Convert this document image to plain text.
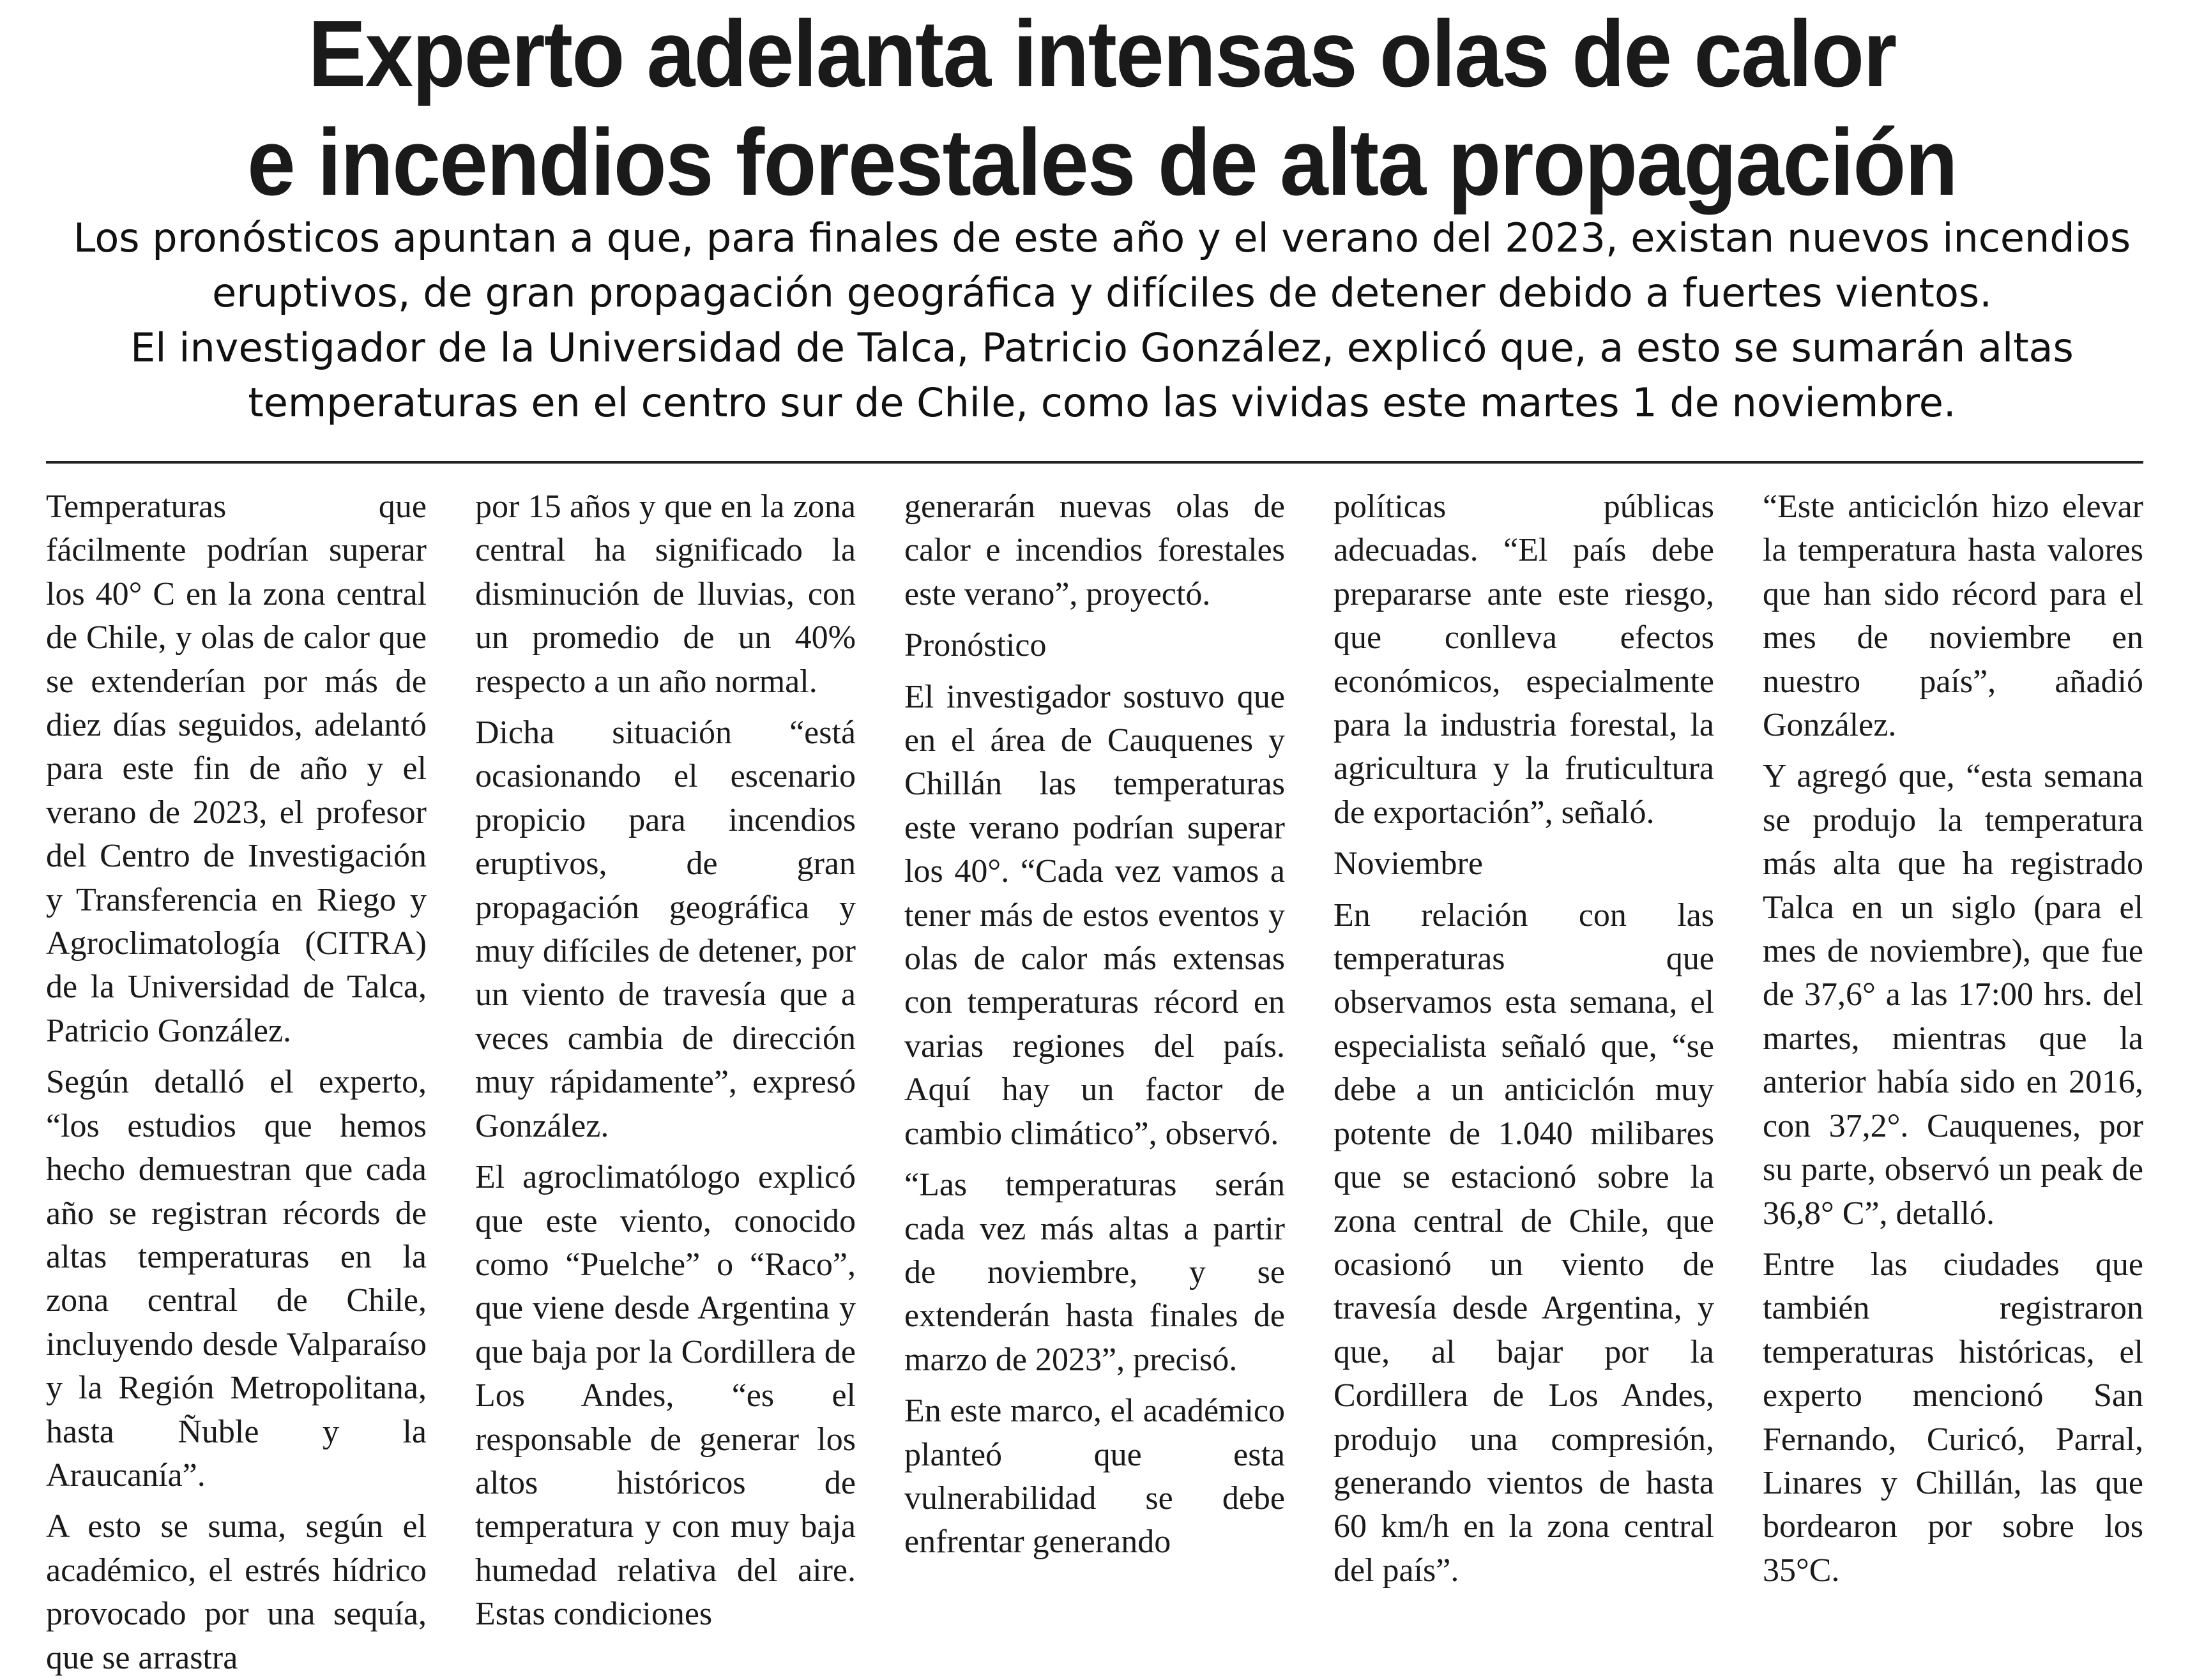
Experto adelanta intensas olas de calor
e incendios forestales de alta propagación

Los pronósticos apuntan a que, para finales de este año y el verano del 2023, existan nuevos incendios eruptivos, de gran propagación geográfica y difíciles de detener debido a fuertes vientos.

El investigador de la Universidad de Talca, Patricio González, explicó que, a esto se sumarán altas temperaturas en el centro sur de Chile, como las vividas este martes 1 de noviembre.

Temperaturas que fácilmente podrían superar los 40° C en la zona central de Chile, y olas de calor que se extenderían por más de diez días seguidos, adelantó para este fin de año y el verano de 2023, el profesor del Centro de Investigación y Transferencia en Riego y Agroclimatología (CITRA) de la Universidad de Talca, Patricio González.

Según detalló el experto, “los estudios que hemos hecho demuestran que cada año se registran récords de altas temperaturas en la zona central de Chile, incluyendo desde Valparaíso y la Región Metropolitana, hasta Ñuble y la Araucanía”.

A esto se suma, según el académico, el estrés hídrico provocado por una sequía, que se arrastra

por 15 años y que en la zona central ha significado la disminución de lluvias, con un promedio de un 40% respecto a un año normal.

Dicha situación “está ocasionando el escenario propicio para incendios eruptivos, de gran propagación geográfica y muy difíciles de detener, por un viento de travesía que a veces cambia de dirección muy rápidamente”, expresó González.

El agroclimatólogo explicó que este viento, conocido como “Puelche” o “Raco”, que viene desde Argentina y que baja por la Cordillera de Los Andes, “es el responsable de generar los altos históricos de temperatura y con muy baja humedad relativa del aire. Estas condiciones

generarán nuevas olas de calor e incendios forestales este verano”, proyectó.

Pronóstico

El investigador sostuvo que en el área de Cauquenes y Chillán las temperaturas este verano podrían superar los 40°. “Cada vez vamos a tener más de estos eventos y olas de calor más extensas con temperaturas récord en varias regiones del país. Aquí hay un factor de cambio climático”, observó.

“Las temperaturas serán cada vez más altas a partir de noviembre, y se extenderán hasta finales de marzo de 2023”, precisó.

En este marco, el académico planteó que esta vulnerabilidad se debe enfrentar generando

políticas públicas adecuadas. “El país debe prepararse ante este riesgo, que conlleva efectos económicos, especialmente para la industria forestal, la agricultura y la fruticultura de exportación”, señaló.

Noviembre

En relación con las temperaturas que observamos esta semana, el especialista señaló que, “se debe a un anticiclón muy potente de 1.040 milibares que se estacionó sobre la zona central de Chile, que ocasionó un viento de travesía desde Argentina, y que, al bajar por la Cordillera de Los Andes, produjo una compresión, generando vientos de hasta 60 km/h en la zona central del país”.

“Este anticiclón hizo elevar la temperatura hasta valores que han sido récord para el mes de noviembre en nuestro país”, añadió González.

Y agregó que, “esta semana se produjo la temperatura más alta que ha registrado Talca en un siglo (para el mes de noviembre), que fue de 37,6° a las 17:00 hrs. del martes, mientras que la anterior había sido en 2016, con 37,2°. Cauquenes, por su parte, observó un peak de 36,8° C”, detalló.

Entre las ciudades que también registraron temperaturas históricas, el experto mencionó San Fernando, Curicó, Parral, Linares y Chillán, las que bordearon por sobre los 35°C.
